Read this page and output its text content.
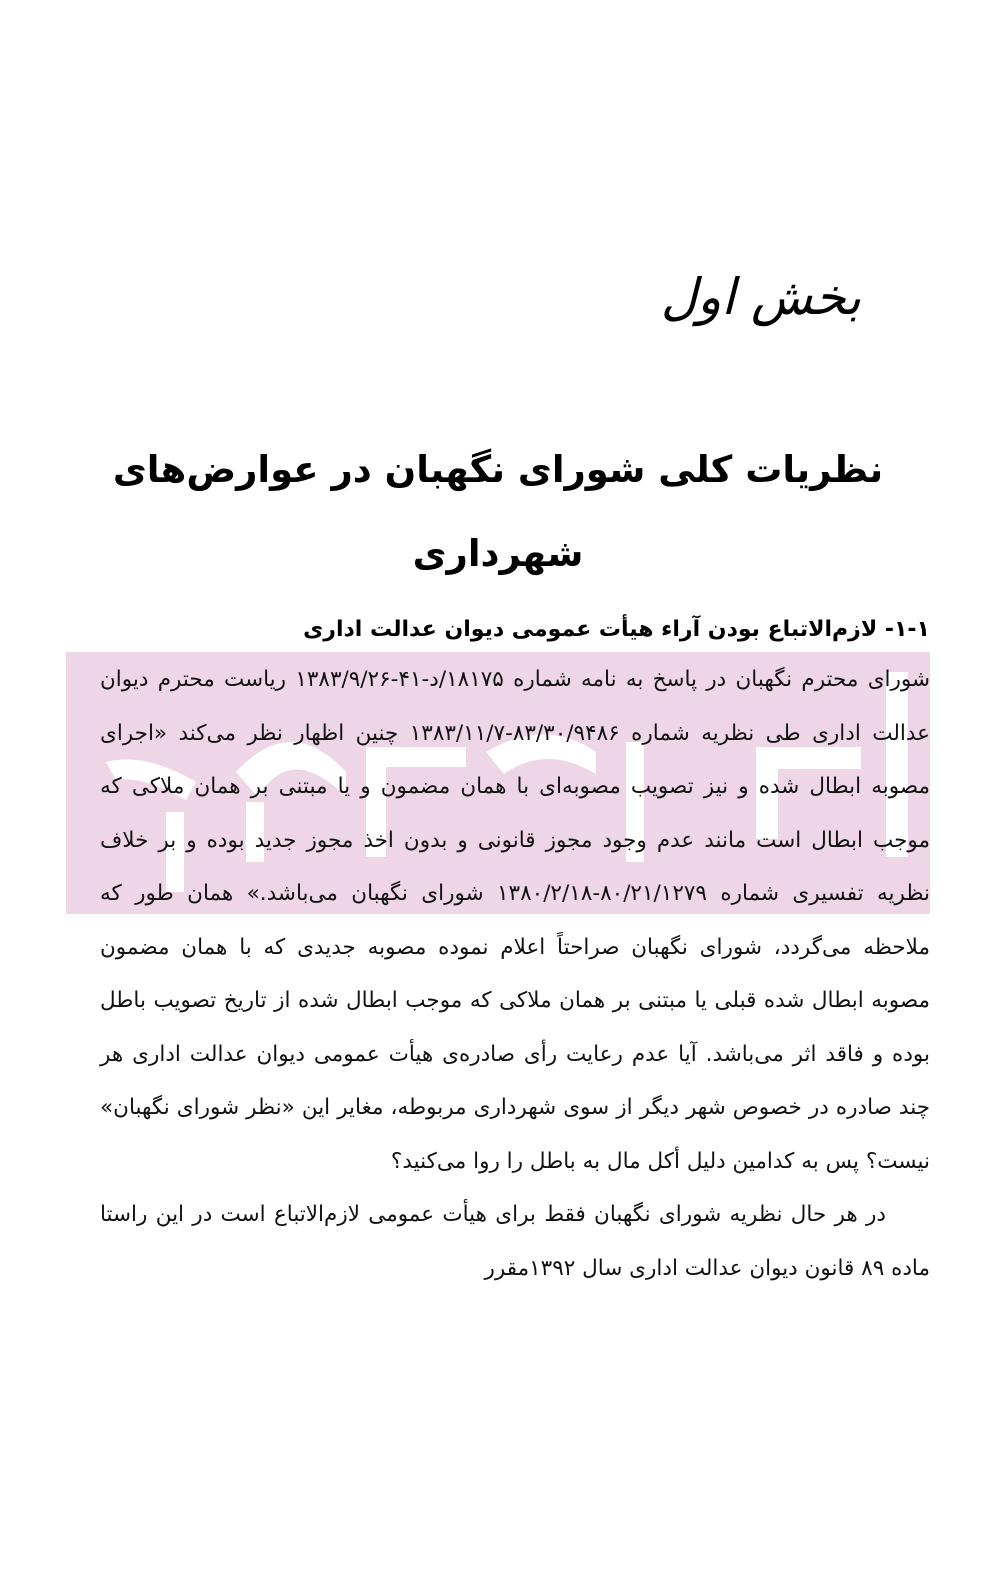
بخش اول
نظریات کلی شورای نگهبان در عوارض‌های شهرداری
۱-۱- لازم‌الاتباع بودن آراء هیأت عمومی دیوان عدالت اداری

شورای محترم نگهبان در پاسخ به نامه شماره ۱۸۱۷۵/د-۴۱-۱۳۸۳/۹/۲۶ ریاست محترم دیوان عدالت اداری طی نظریه شماره ۸۳/۳۰/۹۴۸۶-۱۳۸۳/۱۱/۷ چنین اظهار نظر می‌کند «اجرای مصوبه ابطال شده و نیز تصویب مصوبه‌ای با همان مضمون و یا مبتنی بر همان ملاکی که موجب ابطال است مانند عدم وجود مجوز قانونی و بدون اخذ مجوز جدید بوده و بر خلاف نظریه تفسیری شماره ۸۰/۲۱/۱۲۷۹-۱۳۸۰/۲/۱۸ شورای نگهبان می‌باشد.» همان طور که ملاحظه می‌گردد، شورای نگهبان صراحتاً اعلام نموده مصوبه جدیدی که با همان مضمون مصوبه ابطال شده قبلی یا مبتنی بر همان ملاکی که موجب ابطال شده از تاریخ تصویب باطل بوده و فاقد اثر می‌باشد. آیا عدم رعایت رأی صادره‌ی هیأت عمومی دیوان عدالت اداری هر چند صادره در خصوص شهر دیگر از سوی شهرداری مربوطه، مغایر این «نظر شورای نگهبان» نیست؟ پس به کدامین دلیل أکل مال به باطل را روا می‌کنید؟

در هر حال نظریه شورای نگهبان فقط برای هیأت عمومی لازم‌الاتباع است در این راستا ماده ۸۹ قانون دیوان عدالت اداری سال ۱۳۹۲مقرر
